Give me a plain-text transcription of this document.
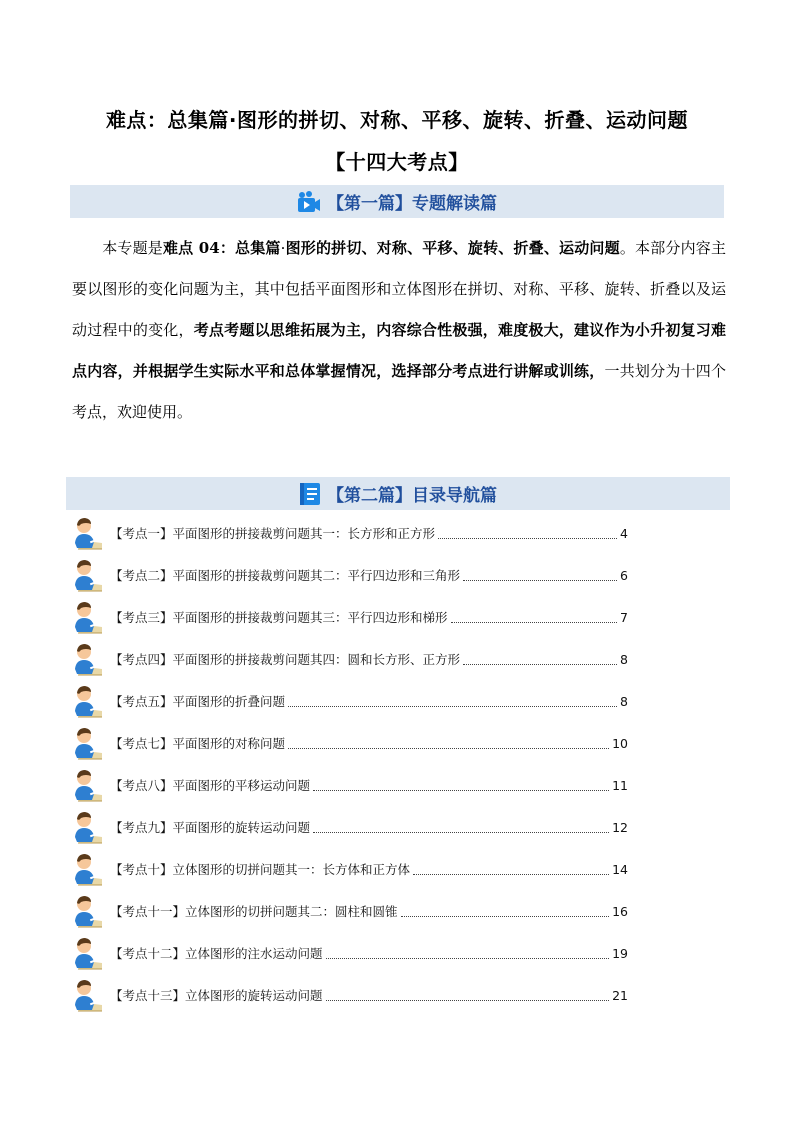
难点：总集篇·图形的拼切、对称、平移、旋转、折叠、运动问题
【十四大考点】
【第一篇】专题解读篇
本专题是难点 04：总集篇·图形的拼切、对称、平移、旋转、折叠、运动问题。本部分内容主要以图形的变化问题为主，其中包括平面图形和立体图形在拼切、对称、平移、旋转、折叠以及运动过程中的变化，考点考题以思维拓展为主，内容综合性极强，难度极大，建议作为小升初复习难点内容，并根据学生实际水平和总体掌握情况，选择部分考点进行讲解或训练，一共划分为十四个考点，欢迎使用。
【第二篇】目录导航篇
【考点一】平面图形的拼接裁剪问题其一：长方形和正方形	4
【考点二】平面图形的拼接裁剪问题其二：平行四边形和三角形	6
【考点三】平面图形的拼接裁剪问题其三：平行四边形和梯形	7
【考点四】平面图形的拼接裁剪问题其四：圆和长方形、正方形	8
【考点五】平面图形的折叠问题	8
【考点七】平面图形的对称问题	10
【考点八】平面图形的平移运动问题	11
【考点九】平面图形的旋转运动问题	12
【考点十】立体图形的切拼问题其一：长方体和正方体	14
【考点十一】立体图形的切拼问题其二：圆柱和圆锥	16
【考点十二】立体图形的注水运动问题	19
【考点十三】立体图形的旋转运动问题	21
